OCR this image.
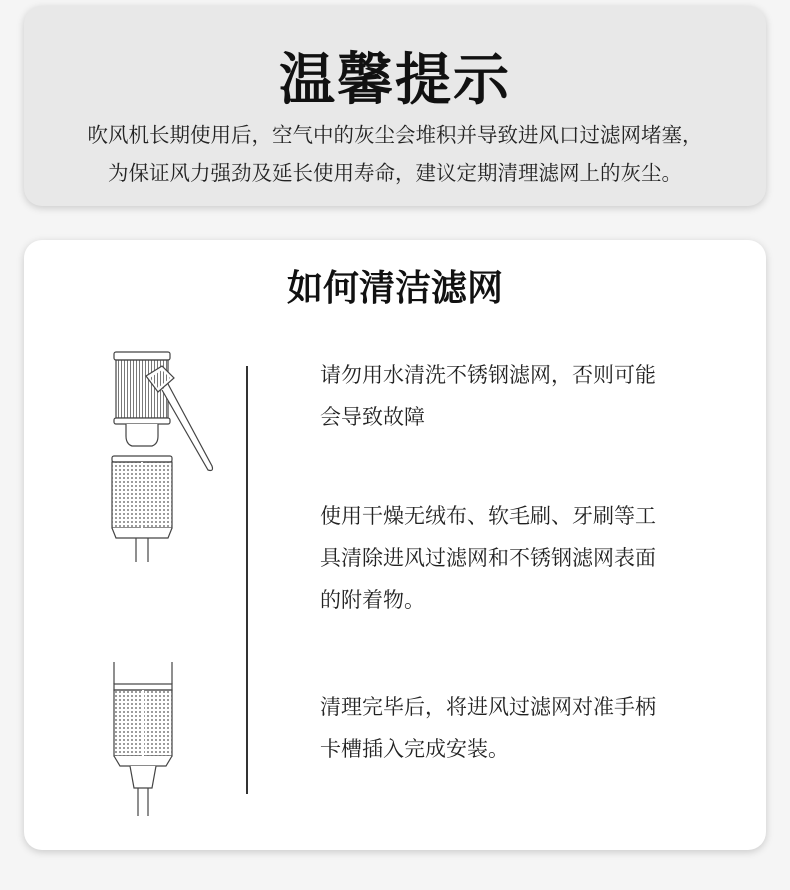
温馨提示
吹风机长期使用后，空气中的灰尘会堆积并导致进风口过滤网堵塞，
为保证风力强劲及延长使用寿命，建议定期清理滤网上的灰尘。
如何清洁滤网
请勿用水清洗不锈钢滤网，否则可能
会导致故障
使用干燥无绒布、软毛刷、牙刷等工
具清除进风过滤网和不锈钢滤网表面
的附着物。
清理完毕后，将进风过滤网对准手柄
卡槽插入完成安装。
